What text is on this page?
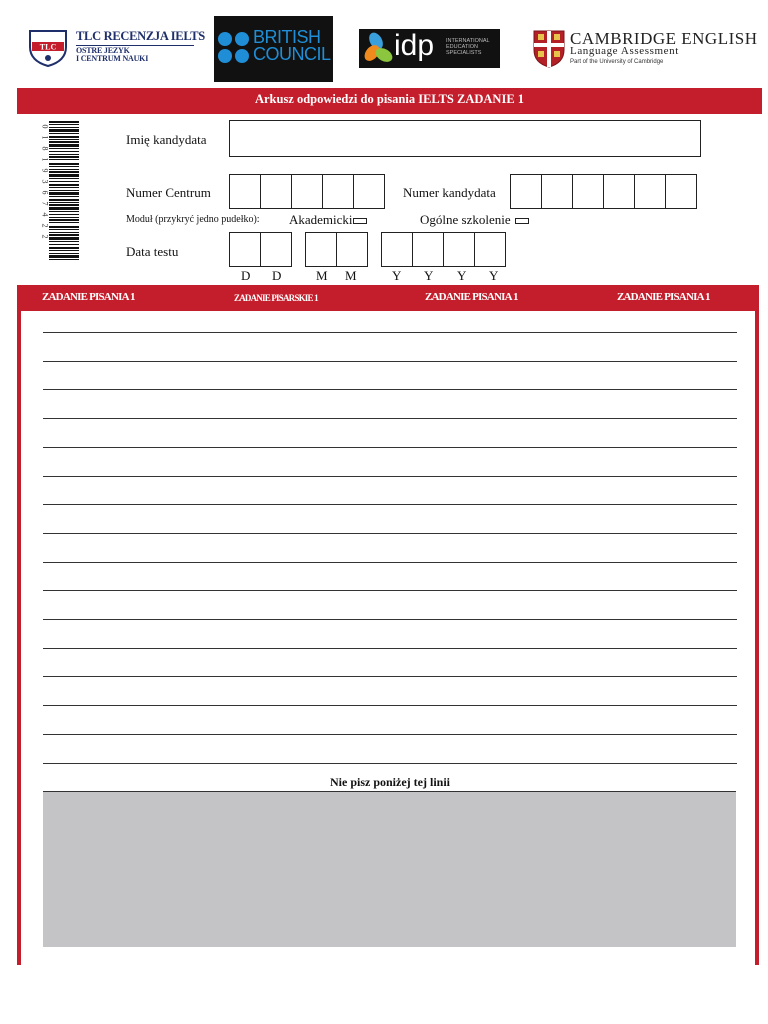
TLC
TLC RECENZJA IELTS
OSTRE JEZYK
I CENTRUM NAUKI
BRITISH
COUNCIL idp INTERNATIONAL
EDUCATION
SPECIALISTS
CAMBRIDGE ENGLISH
Language Assessment
Part of the University of Cambridge
Arkusz odpowiedzi do pisania IELTS ZADANIE 1
0
1
8
1
9
3
6
7
4
2
2
Imię kandydata
Numer Centrum	Numer kandydata
Moduł (przykryć jedno pudełko): Akademicki	Ogólne szkolenie
Data testu
D D	M M	Y Y Y Y
ZADANIE PISANIA 1	ZADANIE PISARSKIE 1	ZADANIE PISANIA 1	ZADANIE PISANIA 1
Nie pisz poniżej tej linii
